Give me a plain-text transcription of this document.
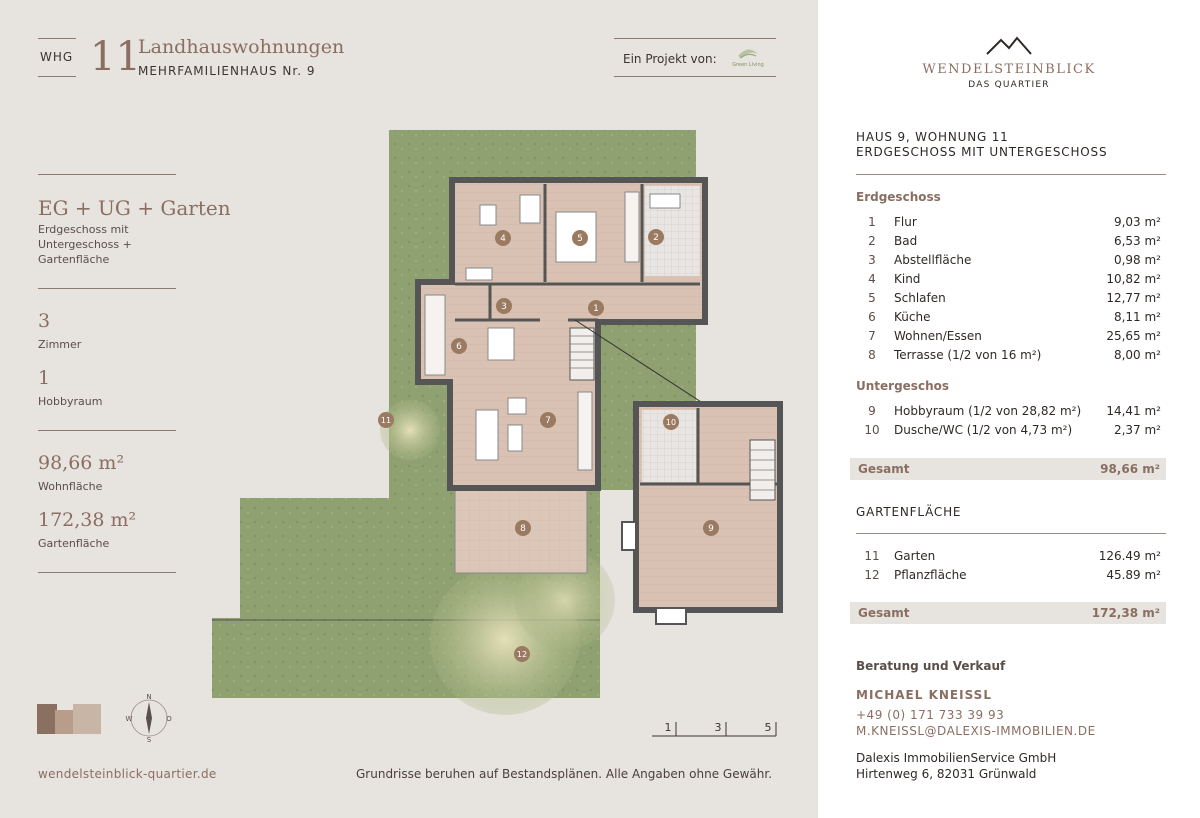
WHG 11
Landhauswohnungen
MEHRFAMILIENHAUS Nr. 9
Ein Projekt von:	Green Living
EG + UG + Garten
Erdgeschoss mit
Untergeschoss +
Gartenfläche
3
Zimmer
1
Hobbyraum
98,66 m²
Wohnfläche
172,38 m²
Gartenfläche
1
2
3
4	5
6
7
8	9
10
11
12
N
S
W	O
1	3	5
wendelsteinblick-quartier.de	Grundrisse beruhen auf Bestandsplänen. Alle Angaben ohne Gewähr.
WENDELSTEINBLICK
DAS QUARTIER
HAUS 9, WOHNUNG 11
ERDGESCHOSS MIT UNTERGESCHOSS
Erdgeschoss
1	Flur	9,03 m²
2	Bad	6,53 m²
3	Abstellfläche	0,98 m²
4	Kind	10,82 m²
5	Schlafen	12,77 m²
6	Küche	8,11 m²
7	Wohnen/Essen	25,65 m²
8	Terrasse (1/2 von 16 m²)	8,00 m²
Untergeschos
9	Hobbyraum (1/2 von 28,82 m²) 14,41 m²
10 Dusche/WC (1/2 von 4,73 m²)	2,37 m²
Gesamt	98,66 m²
GARTENFLÄCHE
11 Garten	126.49 m²
12 Pflanzfläche	45.89 m²
Gesamt	172,38 m²
Beratung und Verkauf
MICHAEL KNEISSL
+49 (0) 171 733 39 93
M.KNEISSL@DALEXIS-IMMOBILIEN.DE
Dalexis ImmobilienService GmbH
Hirtenweg 6, 82031 Grünwald
